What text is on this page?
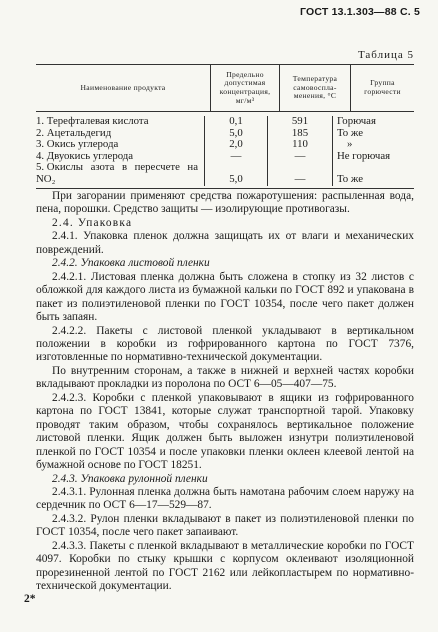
ГОСТ 13.1.303—88 С. 5
Таблица 5
Наименование продукта
Предельно допустимая концентрация, мг/м³
Температура самовоспла-менения, °С
Группа горючести
1. Терефталевая кислота
2. Ацетальдегид
3. Окись углерода
4. Двуокись углерода
5. Окислы азота в пересчете на
NO₂
0,1
5,0
2,0
—
5,0
591
185
110
—
—
Горючая
То же
»
Не горючая
То же

При загорании применяют средства пожаротушения: распыленная вода, пена, порошки. Средство защиты — изолирующие противогазы.

2.4. Упаковка

2.4.1. Упаковка пленок должна защищать их от влаги и механических повреждений.

2.4.2. Упаковка листовой пленки

2.4.2.1. Листовая пленка должна быть сложена в стопку из 32 листов с обложкой для каждого листа из бумажной кальки по ГОСТ 892 и упакована в пакет из полиэтиленовой пленки по ГОСТ 10354, после чего пакет должен быть запаян.

2.4.2.2. Пакеты с листовой пленкой укладывают в вертикальном положении в коробки из гофрированного картона по ГОСТ 7376, изготовленные по нормативно-технической документации.

По внутренним сторонам, а также в нижней и верхней частях коробки вкладывают прокладки из поролона по ОСТ 6—05—407—75.

2.4.2.3. Коробки с пленкой упаковывают в ящики из гофрированного картона по ГОСТ 13841, которые служат транспортной тарой. Упаковку проводят таким образом, чтобы сохранялось вертикальное положение листовой пленки. Ящик должен быть выложен изнутри полиэтиленовой пленкой по ГОСТ 10354 и после упаковки пленки оклеен клеевой лентой на бумажной основе по ГОСТ 18251.

2.4.3. Упаковка рулонной пленки

2.4.3.1. Рулонная пленка должна быть намотана рабочим слоем наружу на сердечник по ОСТ 6—17—529—87.

2.4.3.2. Рулон пленки вкладывают в пакет из полиэтиленовой пленки по ГОСТ 10354, после чего пакет запаивают.

2.4.3.3. Пакеты с пленкой вкладывают в металлические коробки по ГОСТ 4097. Коробки по стыку крышки с корпусом оклеивают изоляционной прорезиненной лентой по ГОСТ 2162 или лейкопластырем по нормативно-технической документации.

2*
